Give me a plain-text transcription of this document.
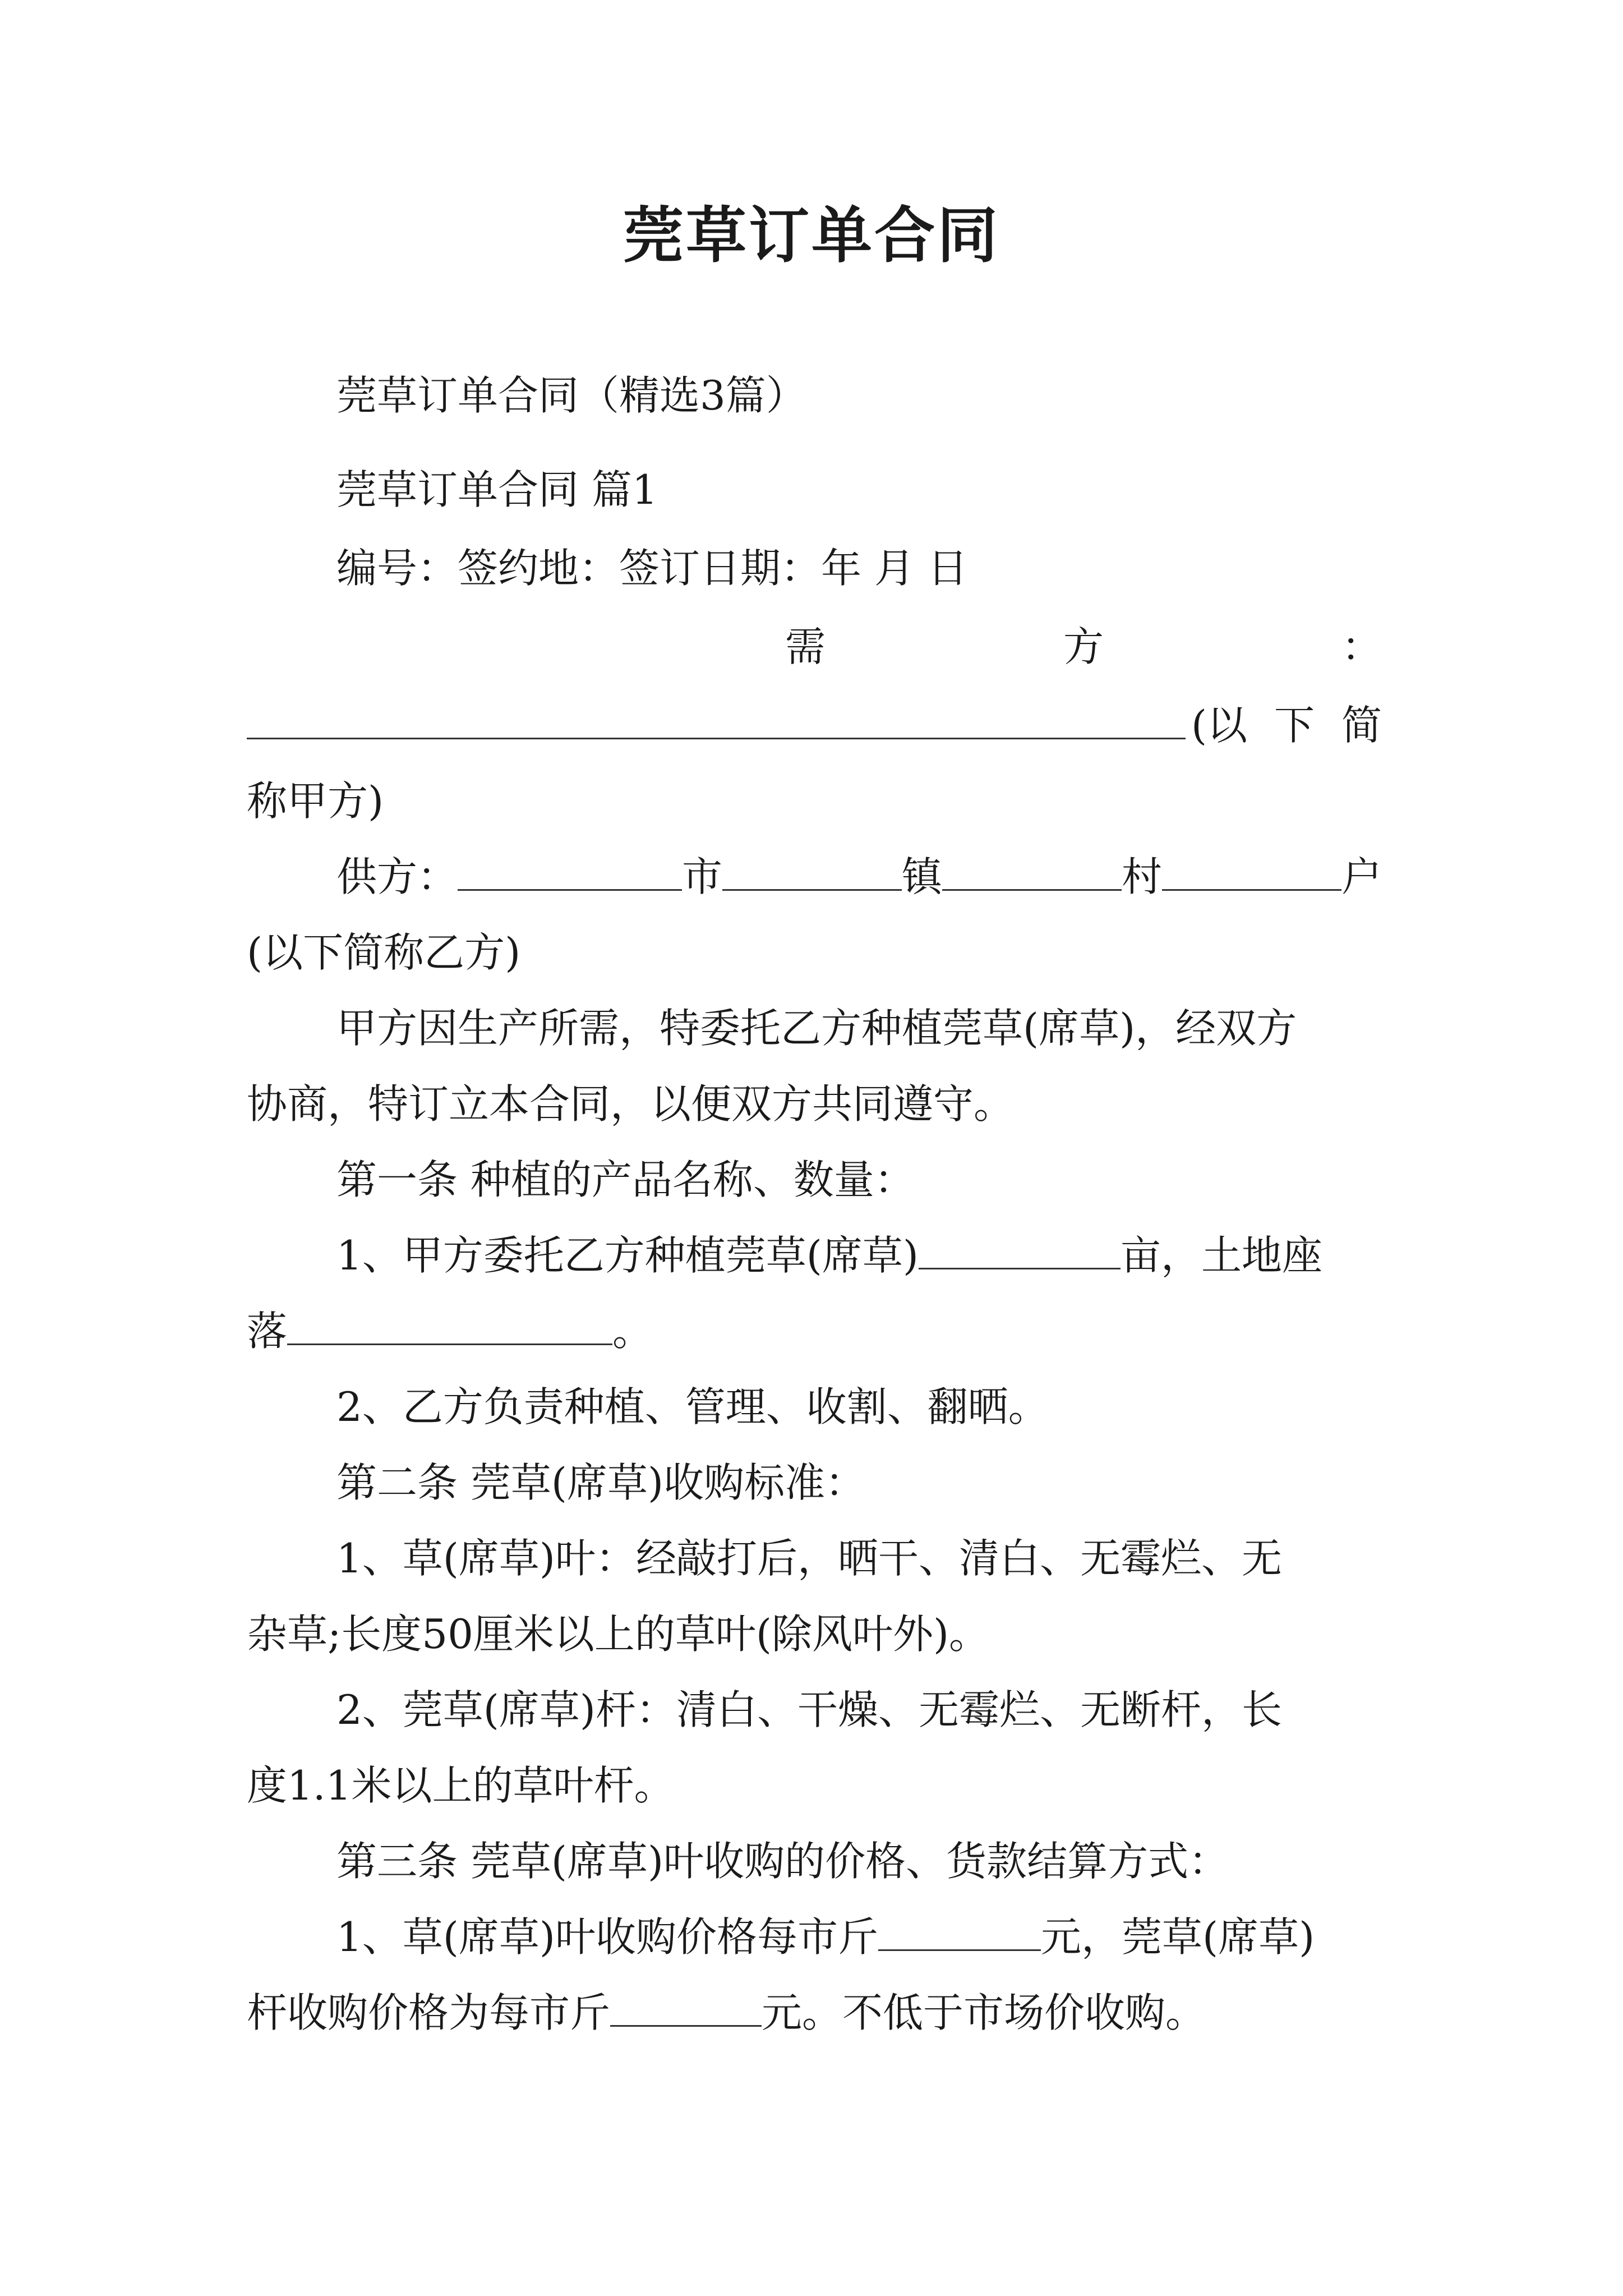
莞草订单合同
莞草订单合同（精选3篇）
莞草订单合同 篇1
编号：签约地：签订日期：年 月 日
需	方	：
(以 下 简
称甲方)
供方：	市	镇	村	户
(以下简称乙方)
甲方因生产所需，特委托乙方种植莞草(席草)，经双方
协商，特订立本合同，以便双方共同遵守。
第一条 种植的产品名称、数量：
1、甲方委托乙方种植莞草(席草)	亩，土地座
落	。
2、乙方负责种植、管理、收割、翻晒。
第二条 莞草(席草)收购标准：
1、草(席草)叶：经敲打后，晒干、清白、无霉烂、无
杂草;长度50厘米以上的草叶(除风叶外)。
2、莞草(席草)杆：清白、干燥、无霉烂、无断杆，长
度1.1米以上的草叶杆。
第三条 莞草(席草)叶收购的价格、货款结算方式：
1、草(席草)叶收购价格每市斤	元，莞草(席草)
杆收购价格为每市斤	元。不低于市场价收购。
